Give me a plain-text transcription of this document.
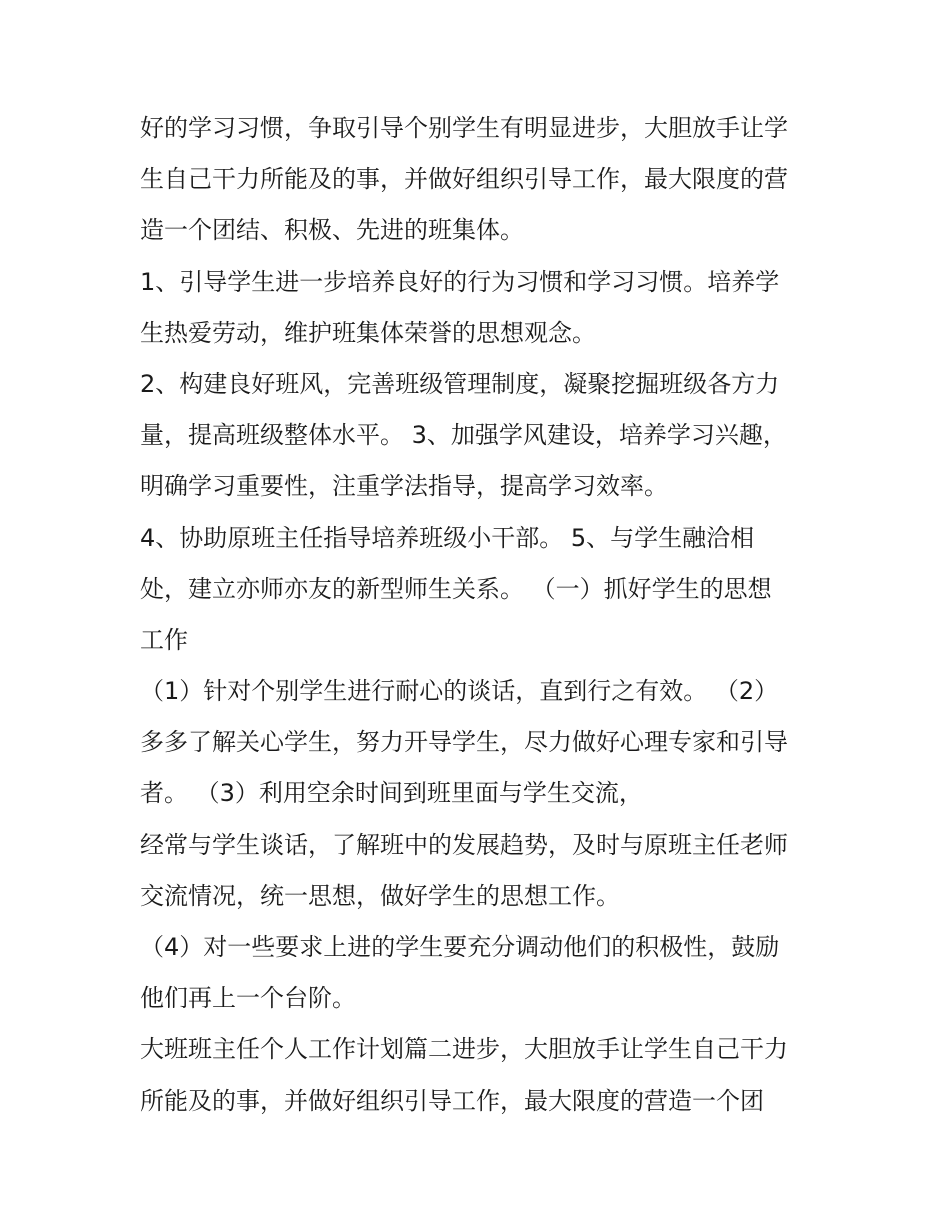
好的学习习惯，争取引导个别学生有明显进步，大胆放手让学
生自己干力所能及的事，并做好组织引导工作，最大限度的营
造一个团结、积极、先进的班集体。
1、引导学生进一步培养良好的行为习惯和学习习惯。培养学
生热爱劳动，维护班集体荣誉的思想观念。
2、构建良好班风，完善班级管理制度，凝聚挖掘班级各方力
量，提高班级整体水平。 3、加强学风建设，培养学习兴趣，
明确学习重要性，注重学法指导，提高学习效率。
4、协助原班主任指导培养班级小干部。 5、与学生融洽相
处，建立亦师亦友的新型师生关系。 （一）抓好学生的思想
工作
（1）针对个别学生进行耐心的谈话，直到行之有效。 （2）
多多了解关心学生，努力开导学生，尽力做好心理专家和引导
者。 （3）利用空余时间到班里面与学生交流，
经常与学生谈话，了解班中的发展趋势，及时与原班主任老师
交流情况，统一思想，做好学生的思想工作。
（4）对一些要求上进的学生要充分调动他们的积极性，鼓励
他们再上一个台阶。
大班班主任个人工作计划篇二进步，大胆放手让学生自己干力
所能及的事，并做好组织引导工作，最大限度的营造一个团
